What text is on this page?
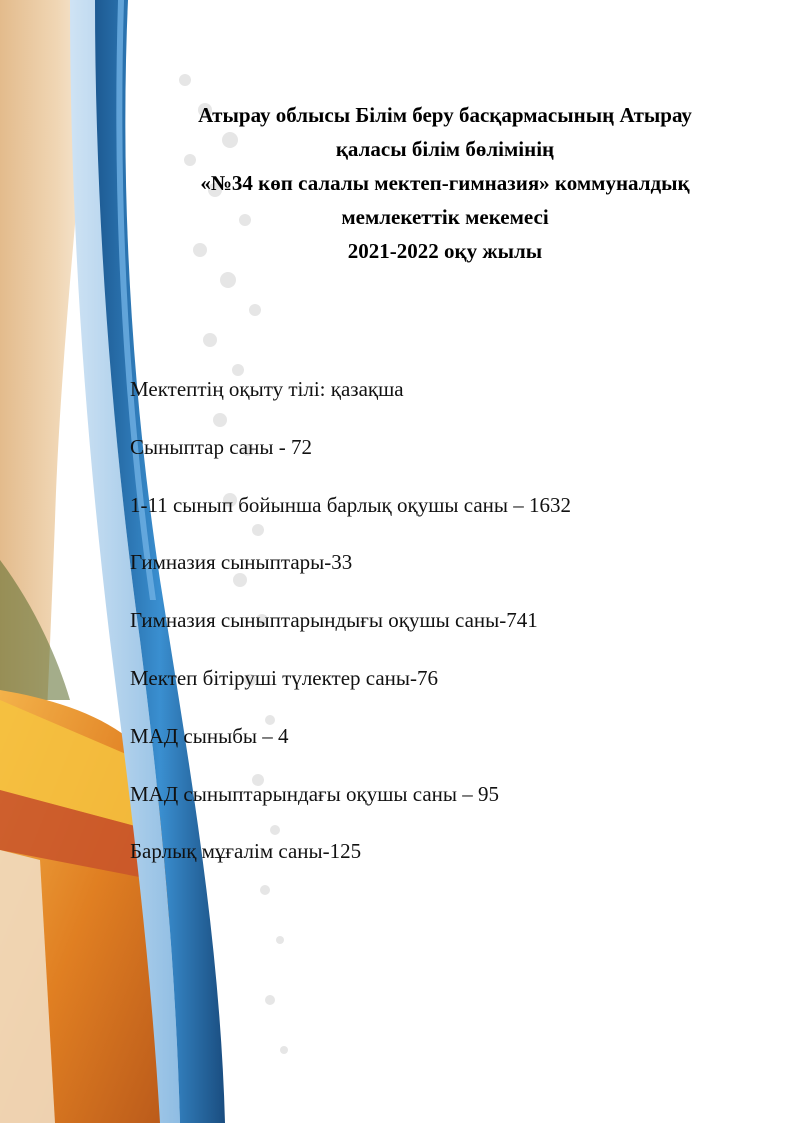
Атырау облысы Білім беру басқармасының Атырау
қаласы білім бөлімінің
«№34 көп салалы мектеп-гимназия» коммуналдық
мемлекеттік мекемесі
2021-2022 оқу жылы
Мектептің оқыту тілі: қазақша
Сыныптар саны - 72
1-11 сынып бойынша барлық оқушы саны – 1632
Гимназия сыныптары-33
Гимназия сыныптарындығы оқушы саны-741
Мектеп бітіруші түлектер саны-76
МАД сыныбы – 4
МАД сыныптарындағы оқушы саны – 95
Барлық мұғалім саны-125
